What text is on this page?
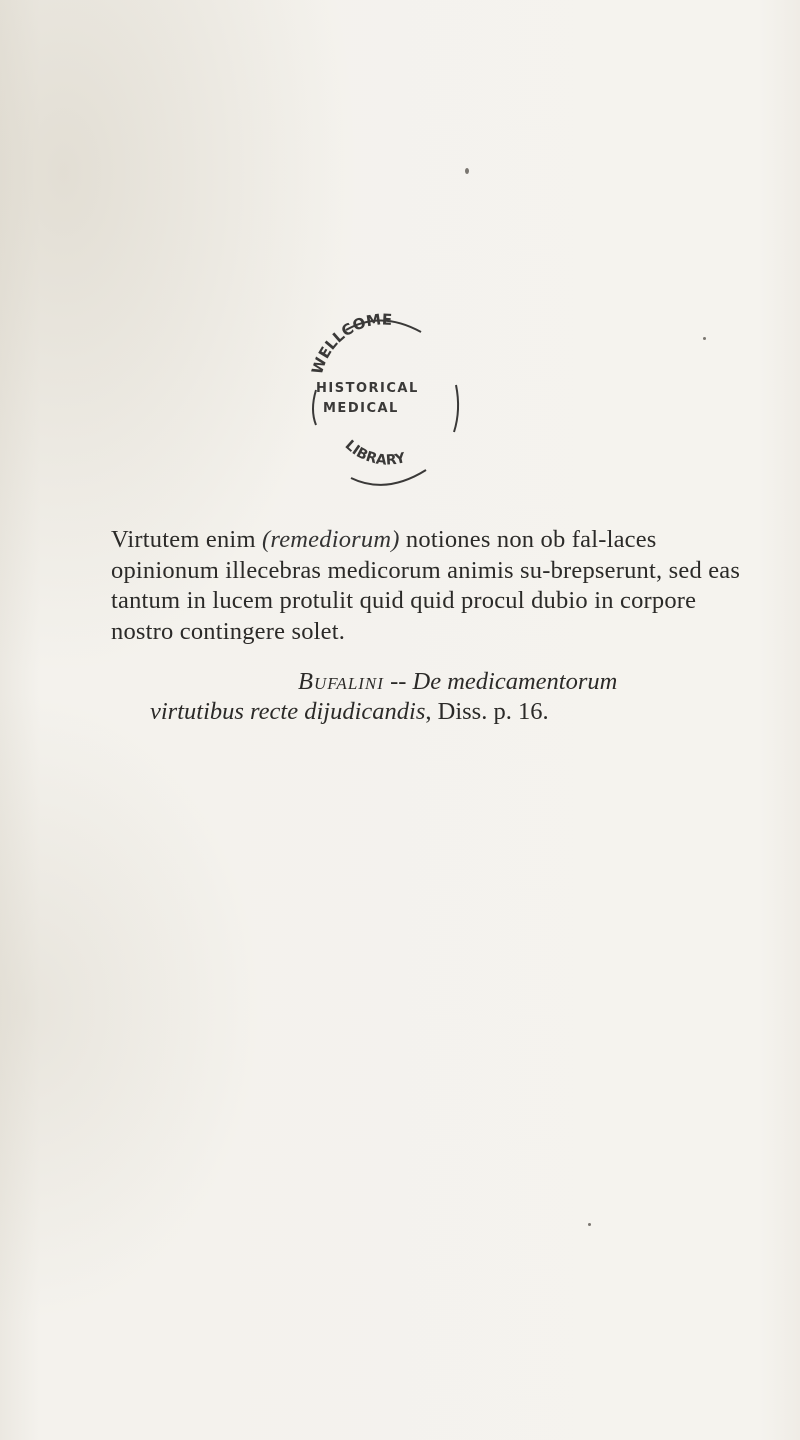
WELLCOME
HISTORICAL
MEDICAL
LIBRARY

Virtutem enim (remediorum) notiones non ob fal-laces opinionum illecebras medicorum animis su-brepserunt, sed eas tantum in lucem protulit quid quid procul dubio in corpore nostro contingere solet.

Bufalini -- De medicamentorum
virtutibus recte dijudicandis, Diss. p. 16.
